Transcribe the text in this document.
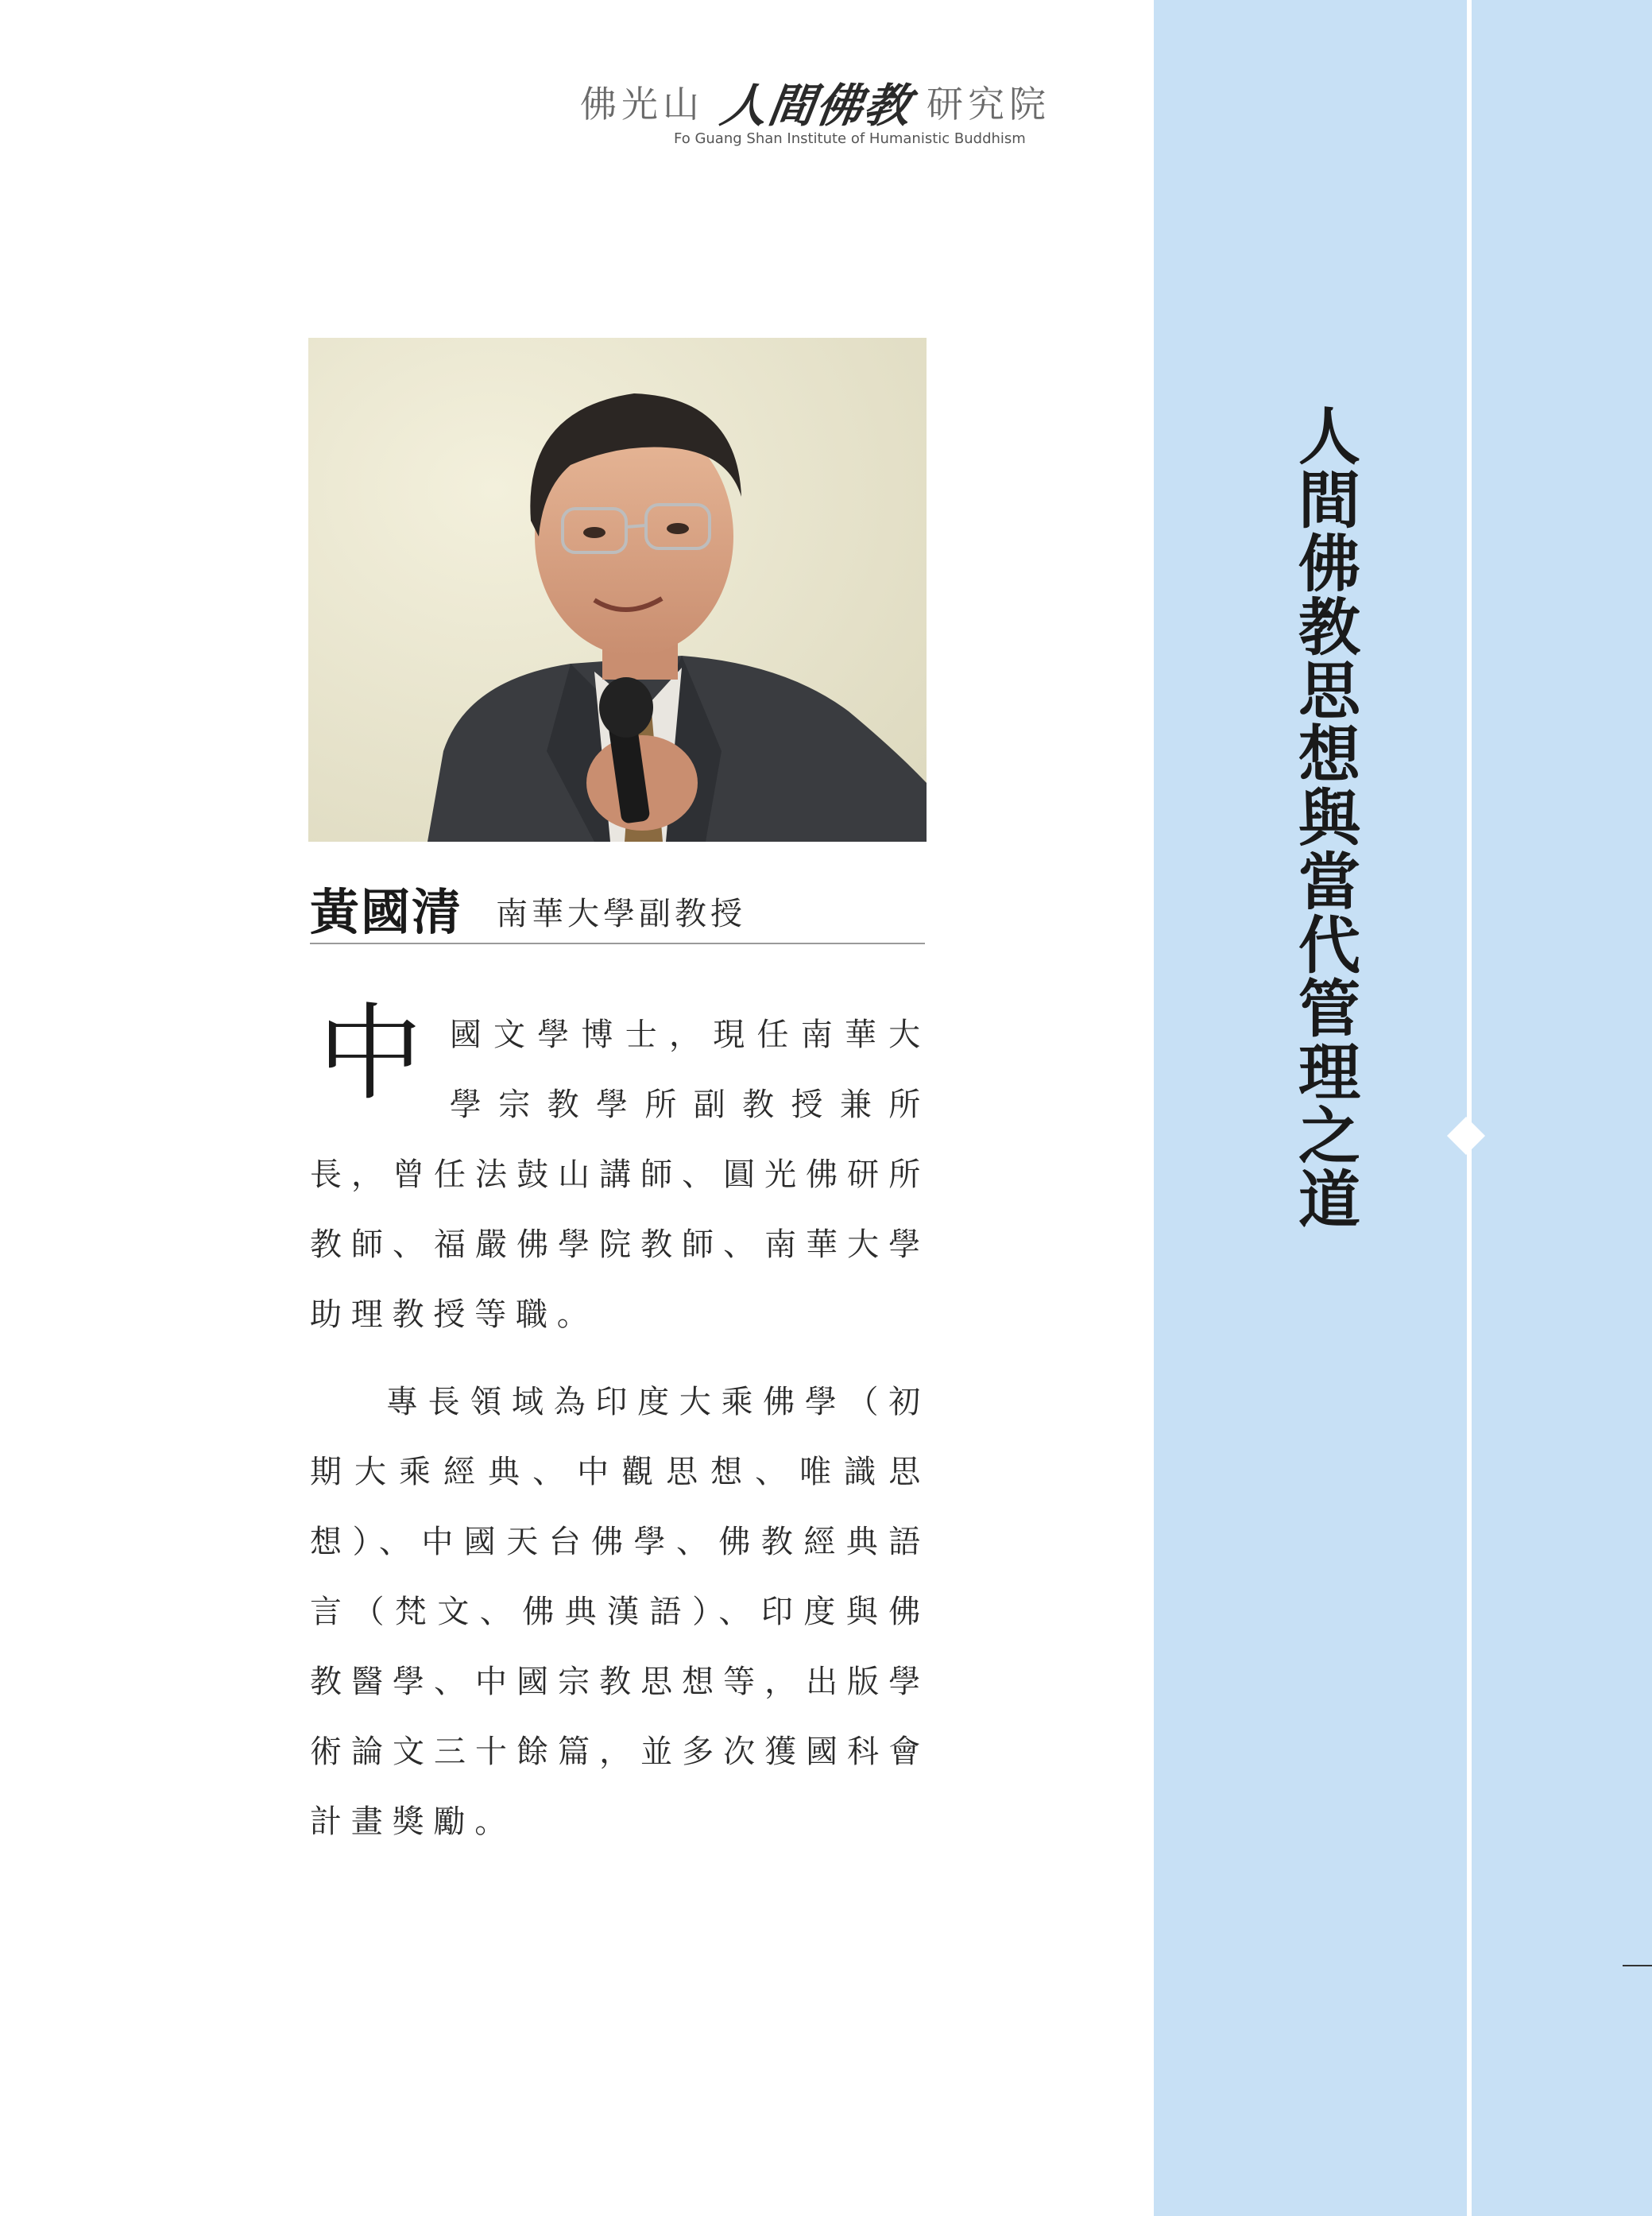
佛光山 人間佛教 研究院
Fo Guang Shan Institute of Humanistic Buddhism
黃國清 南華大學副教授

中 國文學博士，現任南華大學宗教學所副教授兼所長，曾任法鼓山講師、圓光佛研所教師、福嚴佛學院教師、南華大學助理教授等職。

專長領域為印度大乘佛學（初期大乘經典、中觀思想、唯識思想）、中國天台佛學、佛教經典語言（梵文、佛典漢語）、印度與佛教醫學、中國宗教思想等，出版學術論文三十餘篇，並多次獲國科會計畫獎勵。

人間佛教思想與當代管理之道
